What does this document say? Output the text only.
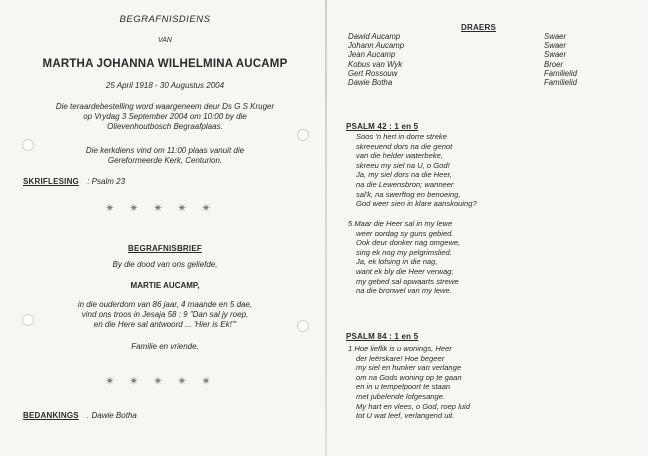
BEGRAFNISDIENS
VAN
MARTHA JOHANNA WILHELMINA AUCAMP
25 April 1918 - 30 Augustus 2004
Die teraardebestelling word waargeneem deur Ds G S Kruger
op Vrydag 3 September 2004 om 10:00 by die
Olievenhoutbosch Begraafplaas.
Die kerkdiens vind om 11:00 plaas vanuit die
Gereformeerde Kerk, Centurion.
SKRIFLESING : Psalm 23
✴✴✴✴✴
BEGRAFNISBRIEF
By die dood van ons geliefde,
MARTIE AUCAMP,
in die ouderdom van 86 jaar, 4 maande en 5 dae,
vind ons troos in Jesaja 58 : 9 "Dan sal jy roep,
en die Here sal antwoord ... 'Hier is Ek!'"
Familie en vriende.
✴✴✴✴✴
BEDANKINGS . Dawie Botha
DRAERS
Dawid Aucamp	Swaer
Johann Aucamp	Swaer
Jean Aucamp	Swaer
Kobus van Wyk	Broer
Gert Rossouw	Familielid
Dawie Botha	Familielid
PSALM 42 : 1 en 5
Soos 'n hert in dorre streke
skreeuend dors na die genot
van die helder waterbeke,
skreeu my siel na U, o God!
Ja, my siel dors na die Heer,
na die Lewensbron; wanneer
sal'k, na swerftog en benoeing,
God weer sien in klare aanskouing?
5 Maar die Heer sal in my lewe
weer oordag sy guns gebied.
Ook deur donker nag omgewe,
sing ek nog my pelgrimslied.
Ja, ek lofsing in die nag,
want ek bly die Heer verwag;
my gebed sal opwaarts strewe
na die bronwel van my lewe.
PSALM 84 : 1 en 5
1 Hoe lieflik is u wonings, Heer
der leërskare! Hoe begeer
my siel en hunker van verlange
om na Gods woning op te gaan
en in u tempelpoort te staan
met jubelende lofgesange.
My hart en vlees, o God, roep luid
tot U wat leef, verlangend uit.
